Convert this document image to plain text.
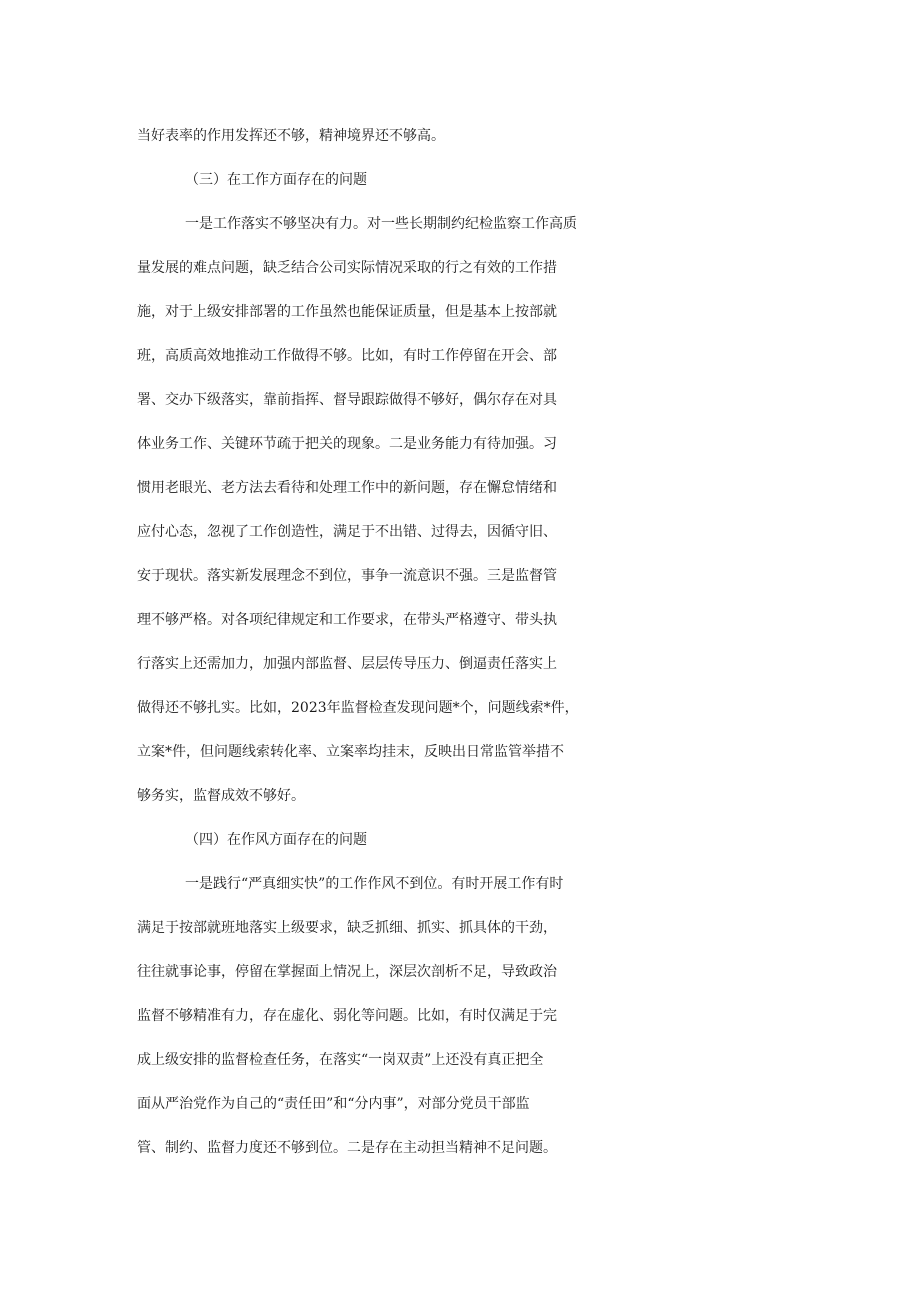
当好表率的作用发挥还不够，精神境界还不够高。
（三）在工作方面存在的问题
一是工作落实不够坚决有力。对一些长期制约纪检监察工作高质
量发展的难点问题，缺乏结合公司实际情况采取的行之有效的工作措
施，对于上级安排部署的工作虽然也能保证质量，但是基本上按部就
班，高质高效地推动工作做得不够。比如，有时工作停留在开会、部
署、交办下级落实，靠前指挥、督导跟踪做得不够好，偶尔存在对具
体业务工作、关键环节疏于把关的现象。二是业务能力有待加强。习
惯用老眼光、老方法去看待和处理工作中的新问题，存在懈怠情绪和
应付心态，忽视了工作创造性，满足于不出错、过得去，因循守旧、
安于现状。落实新发展理念不到位，事争一流意识不强。三是监督管
理不够严格。对各项纪律规定和工作要求，在带头严格遵守、带头执
行落实上还需加力，加强内部监督、层层传导压力、倒逼责任落实上
做得还不够扎实。比如，2023年监督检查发现问题*个，问题线索*件，
立案*件，但问题线索转化率、立案率均挂末，反映出日常监管举措不
够务实，监督成效不够好。
（四）在作风方面存在的问题
一是践行“严真细实快”的工作作风不到位。有时开展工作有时
满足于按部就班地落实上级要求，缺乏抓细、抓实、抓具体的干劲，
往往就事论事，停留在掌握面上情况上，深层次剖析不足，导致政治
监督不够精准有力，存在虚化、弱化等问题。比如，有时仅满足于完
成上级安排的监督检查任务，在落实“一岗双责”上还没有真正把全
面从严治党作为自己的“责任田”和“分内事”，对部分党员干部监
管、制约、监督力度还不够到位。二是存在主动担当精神不足问题。
